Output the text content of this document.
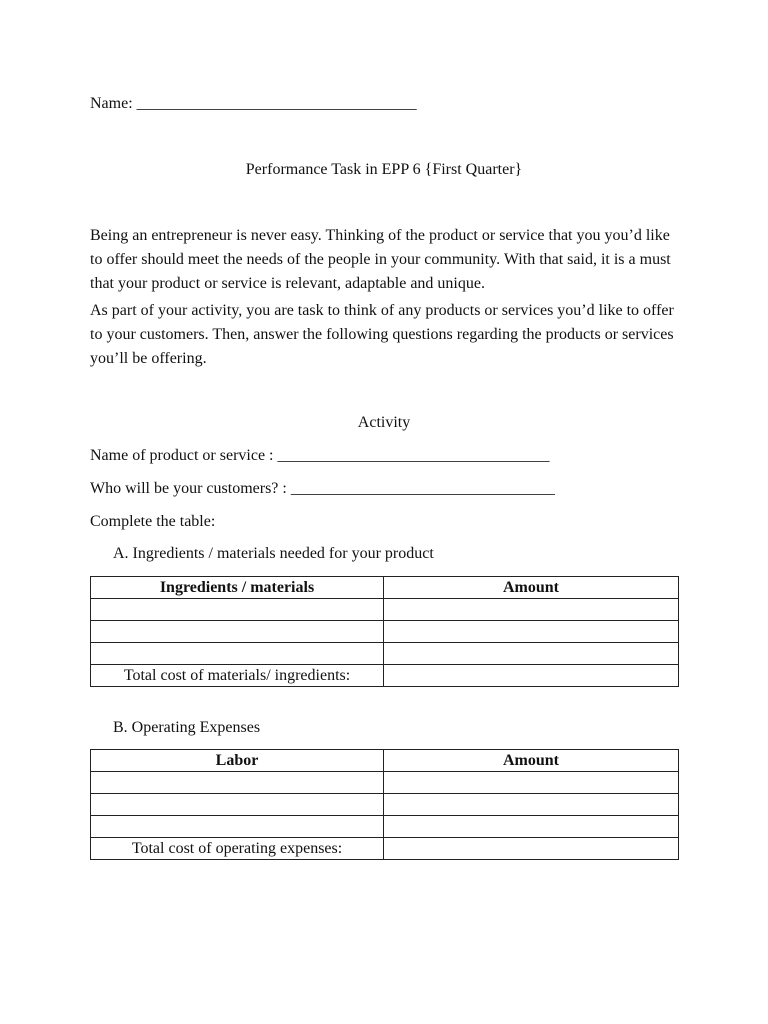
Name: ___________________________________
Performance Task in EPP 6 {First Quarter}
Being an entrepreneur is never easy. Thinking of the product or service that you you’d like to offer should meet the needs of the people in your community. With that said, it is a must that your product or service is relevant, adaptable and unique.
As part of your activity, you are task to think of any products or services you’d like to offer to your customers. Then, answer the following questions regarding the products or services you’ll be offering.
Activity
Name of product or service : __________________________________
Who will be your customers? : _________________________________
Complete the table:
A. Ingredients / materials needed for your product
Ingredients / materials	Amount

Total cost of materials/ ingredients:	
B. Operating Expenses
Labor	Amount

Total cost of operating expenses:	
